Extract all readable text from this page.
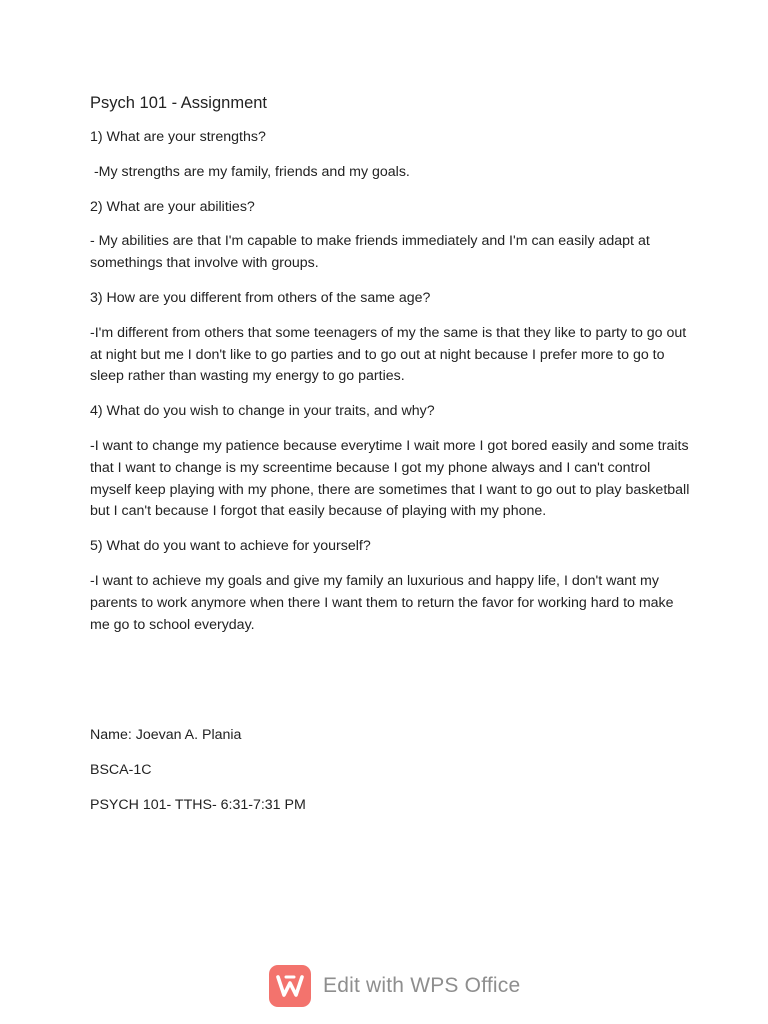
Psych 101 - Assignment

1) What are your strengths?

-My strengths are my family, friends and my goals.

2) What are your abilities?

- My abilities are that I'm capable to make friends immediately and I'm can easily adapt at somethings that involve with groups.

3) How are you different from others of the same age?

-I'm different from others that some teenagers of my the same is that they like to party to go out at night but me I don't like to go parties and to go out at night because I prefer more to go to sleep rather than wasting my energy to go parties.

4) What do you wish to change in your traits, and why?

-I want to change my patience because everytime I wait more I got bored easily and some traits that I want to change is my screentime because I got my phone always and I can't control myself keep playing with my phone, there are sometimes that I want to go out to play basketball but I can't because I forgot that easily because of playing with my phone.

5) What do you want to achieve for yourself?

-I want to achieve my goals and give my family an luxurious and happy life, I don't want my parents to work anymore when there I want them to return the favor for working hard to make me go to school everyday.

Name: Joevan A. Plania

BSCA-1C

PSYCH 101- TTHS- 6:31-7:31 PM

Edit with WPS Office
